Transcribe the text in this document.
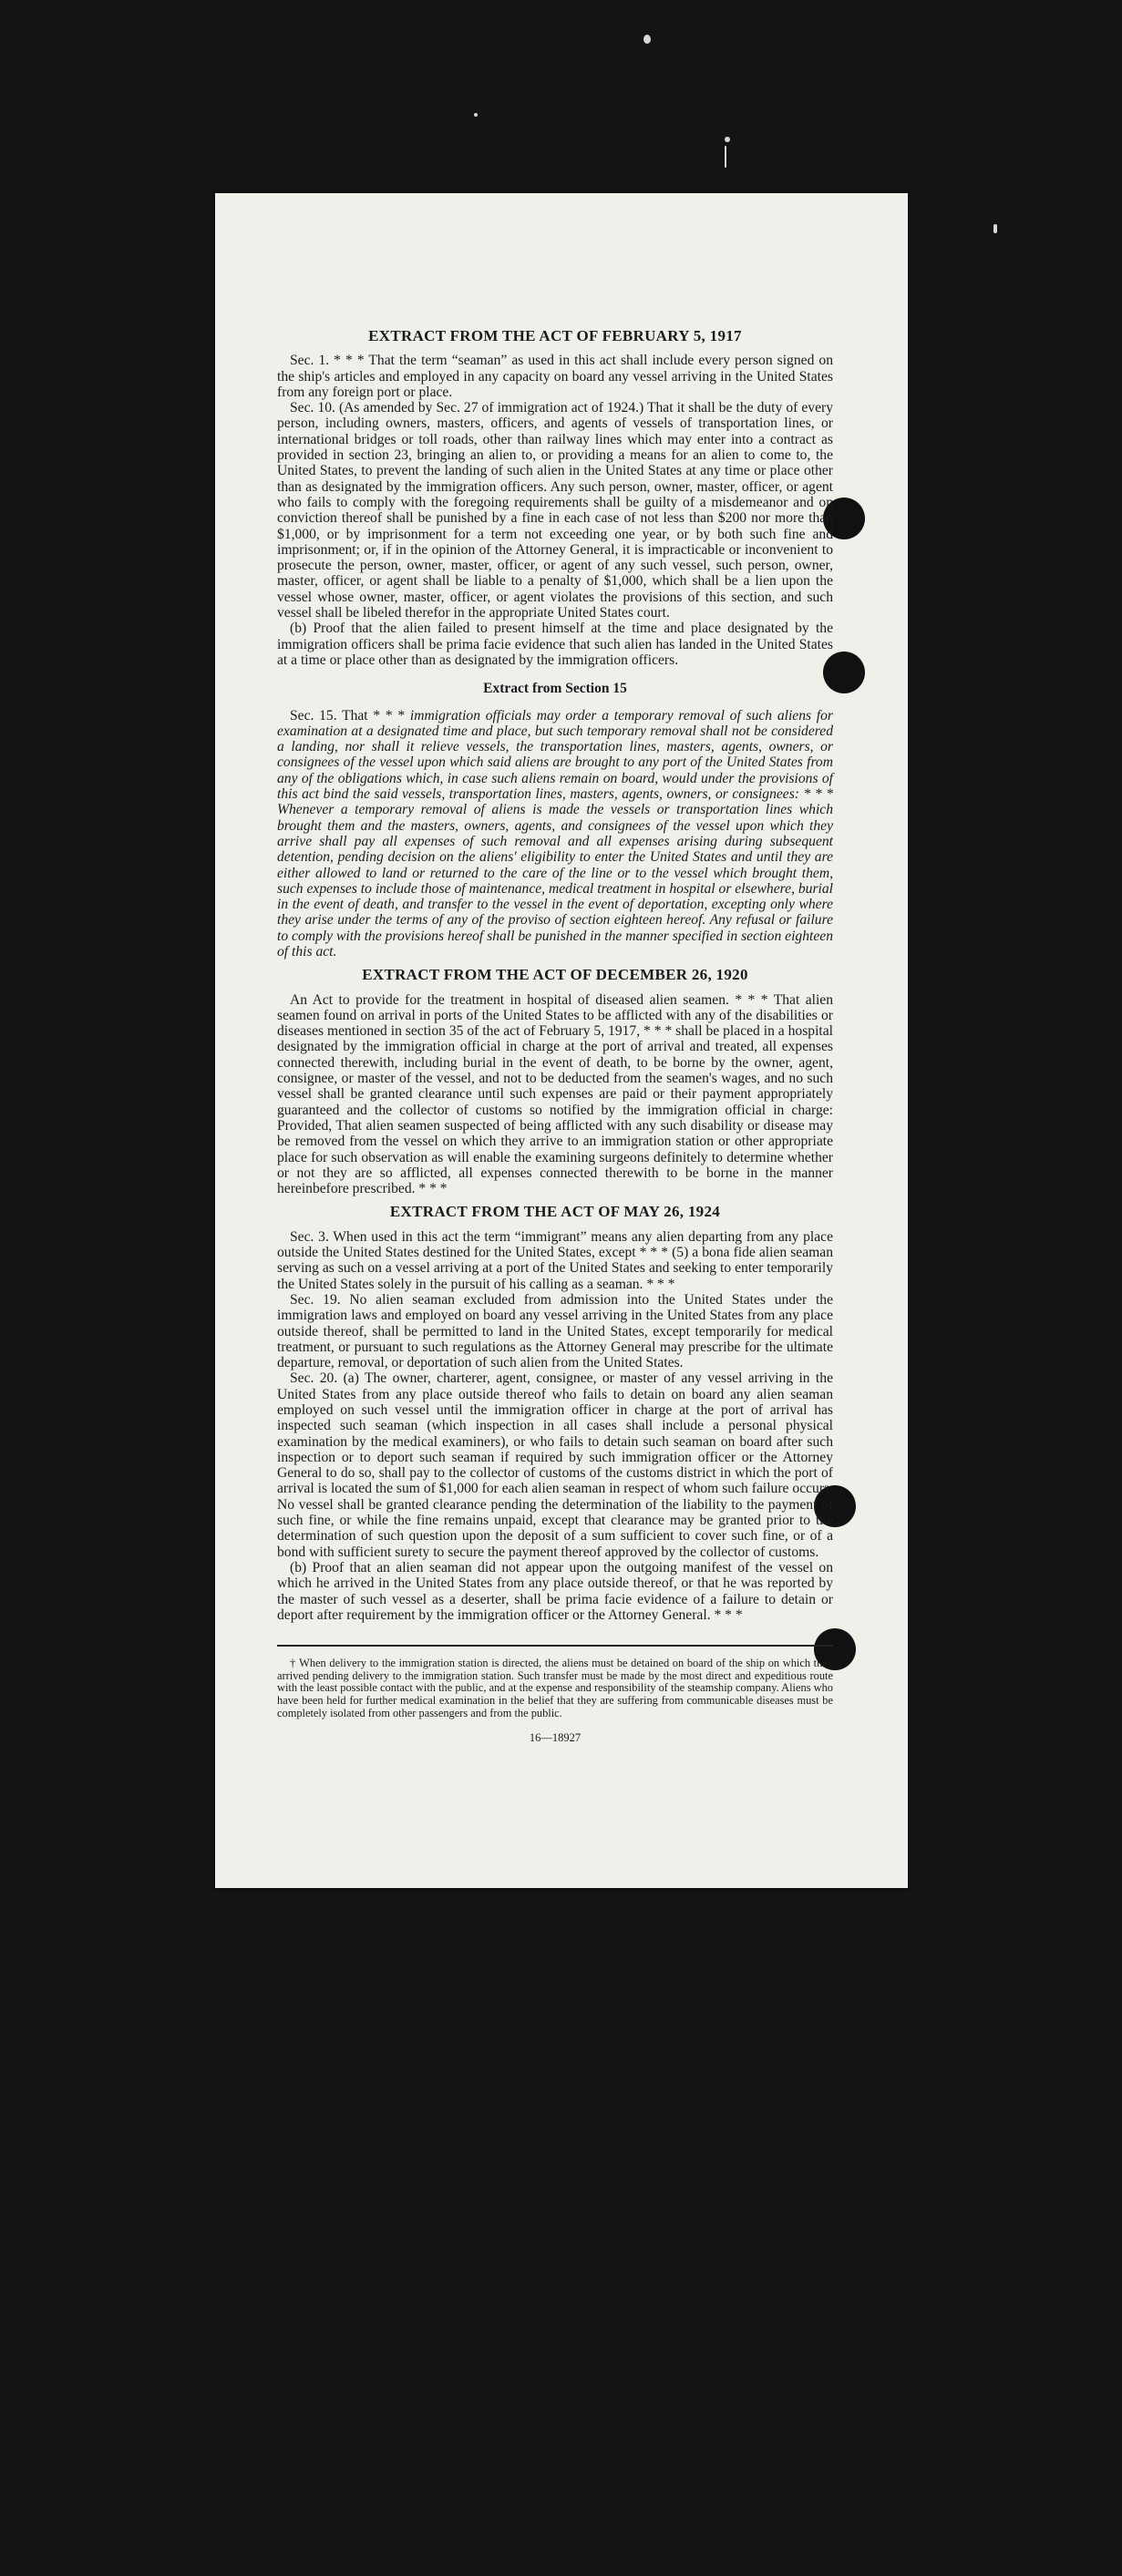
EXTRACT FROM THE ACT OF FEBRUARY 5, 1917

Sec. 1. * * * That the term “seaman” as used in this act shall include every person signed on the ship's articles and employed in any capacity on board any vessel arriving in the United States from any foreign port or place.

Sec. 10. (As amended by Sec. 27 of immigration act of 1924.) That it shall be the duty of every person, including owners, masters, officers, and agents of vessels of transportation lines, or international bridges or toll roads, other than railway lines which may enter into a contract as provided in section 23, bringing an alien to, or providing a means for an alien to come to, the United States, to prevent the landing of such alien in the United States at any time or place other than as designated by the immigration officers. Any such person, owner, master, officer, or agent who fails to comply with the foregoing requirements shall be guilty of a misdemeanor and on conviction thereof shall be punished by a fine in each case of not less than $200 nor more than $1,000, or by imprisonment for a term not exceeding one year, or by both such fine and imprisonment; or, if in the opinion of the Attorney General, it is impracticable or inconvenient to prosecute the person, owner, master, officer, or agent of any such vessel, such person, owner, master, officer, or agent shall be liable to a penalty of $1,000, which shall be a lien upon the vessel whose owner, master, officer, or agent violates the provisions of this section, and such vessel shall be libeled therefor in the appropriate United States court.

(b) Proof that the alien failed to present himself at the time and place designated by the immigration officers shall be prima facie evidence that such alien has landed in the United States at a time or place other than as designated by the immigration officers.

Extract from Section 15

Sec. 15. That * * * immigration officials may order a temporary removal of such aliens for examination at a designated time and place, but such temporary removal shall not be considered a landing, nor shall it relieve vessels, the transportation lines, masters, agents, owners, or consignees of the vessel upon which said aliens are brought to any port of the United States from any of the obligations which, in case such aliens remain on board, would under the provisions of this act bind the said vessels, transportation lines, masters, agents, owners, or consignees: * * * Whenever a temporary removal of aliens is made the vessels or transportation lines which brought them and the masters, owners, agents, and consignees of the vessel upon which they arrive shall pay all expenses of such removal and all expenses arising during subsequent detention, pending decision on the aliens' eligibility to enter the United States and until they are either allowed to land or returned to the care of the line or to the vessel which brought them, such expenses to include those of maintenance, medical treatment in hospital or elsewhere, burial in the event of death, and transfer to the vessel in the event of deportation, excepting only where they arise under the terms of any of the proviso of section eighteen hereof. Any refusal or failure to comply with the provisions hereof shall be punished in the manner specified in section eighteen of this act.

EXTRACT FROM THE ACT OF DECEMBER 26, 1920

An Act to provide for the treatment in hospital of diseased alien seamen. * * * That alien seamen found on arrival in ports of the United States to be afflicted with any of the disabilities or diseases mentioned in section 35 of the act of February 5, 1917, * * * shall be placed in a hospital designated by the immigration official in charge at the port of arrival and treated, all expenses connected therewith, including burial in the event of death, to be borne by the owner, agent, consignee, or master of the vessel, and not to be deducted from the seamen's wages, and no such vessel shall be granted clearance until such expenses are paid or their payment appropriately guaranteed and the collector of customs so notified by the immigration official in charge: Provided, That alien seamen suspected of being afflicted with any such disability or disease may be removed from the vessel on which they arrive to an immigration station or other appropriate place for such observation as will enable the examining surgeons definitely to determine whether or not they are so afflicted, all expenses connected therewith to be borne in the manner hereinbefore prescribed. * * *

EXTRACT FROM THE ACT OF MAY 26, 1924

Sec. 3. When used in this act the term “immigrant” means any alien departing from any place outside the United States destined for the United States, except * * * (5) a bona fide alien seaman serving as such on a vessel arriving at a port of the United States and seeking to enter temporarily the United States solely in the pursuit of his calling as a seaman. * * *

Sec. 19. No alien seaman excluded from admission into the United States under the immigration laws and employed on board any vessel arriving in the United States from any place outside thereof, shall be permitted to land in the United States, except temporarily for medical treatment, or pursuant to such regulations as the Attorney General may prescribe for the ultimate departure, removal, or deportation of such alien from the United States.

Sec. 20. (a) The owner, charterer, agent, consignee, or master of any vessel arriving in the United States from any place outside thereof who fails to detain on board any alien seaman employed on such vessel until the immigration officer in charge at the port of arrival has inspected such seaman (which inspection in all cases shall include a personal physical examination by the medical examiners), or who fails to detain such seaman on board after such inspection or to deport such seaman if required by such immigration officer or the Attorney General to do so, shall pay to the collector of customs of the customs district in which the port of arrival is located the sum of $1,000 for each alien seaman in respect of whom such failure occurs. No vessel shall be granted clearance pending the determination of the liability to the payment of such fine, or while the fine remains unpaid, except that clearance may be granted prior to the determination of such question upon the deposit of a sum sufficient to cover such fine, or of a bond with sufficient surety to secure the payment thereof approved by the collector of customs.

(b) Proof that an alien seaman did not appear upon the outgoing manifest of the vessel on which he arrived in the United States from any place outside thereof, or that he was reported by the master of such vessel as a deserter, shall be prima facie evidence of a failure to detain or deport after requirement by the immigration officer or the Attorney General. * * *

† When delivery to the immigration station is directed, the aliens must be detained on board of the ship on which they arrived pending delivery to the immigration station. Such transfer must be made by the most direct and expeditious route with the least possible contact with the public, and at the expense and responsibility of the steamship company. Aliens who have been held for further medical examination in the belief that they are suffering from communicable diseases must be completely isolated from other passengers and from the public.

16—18927
